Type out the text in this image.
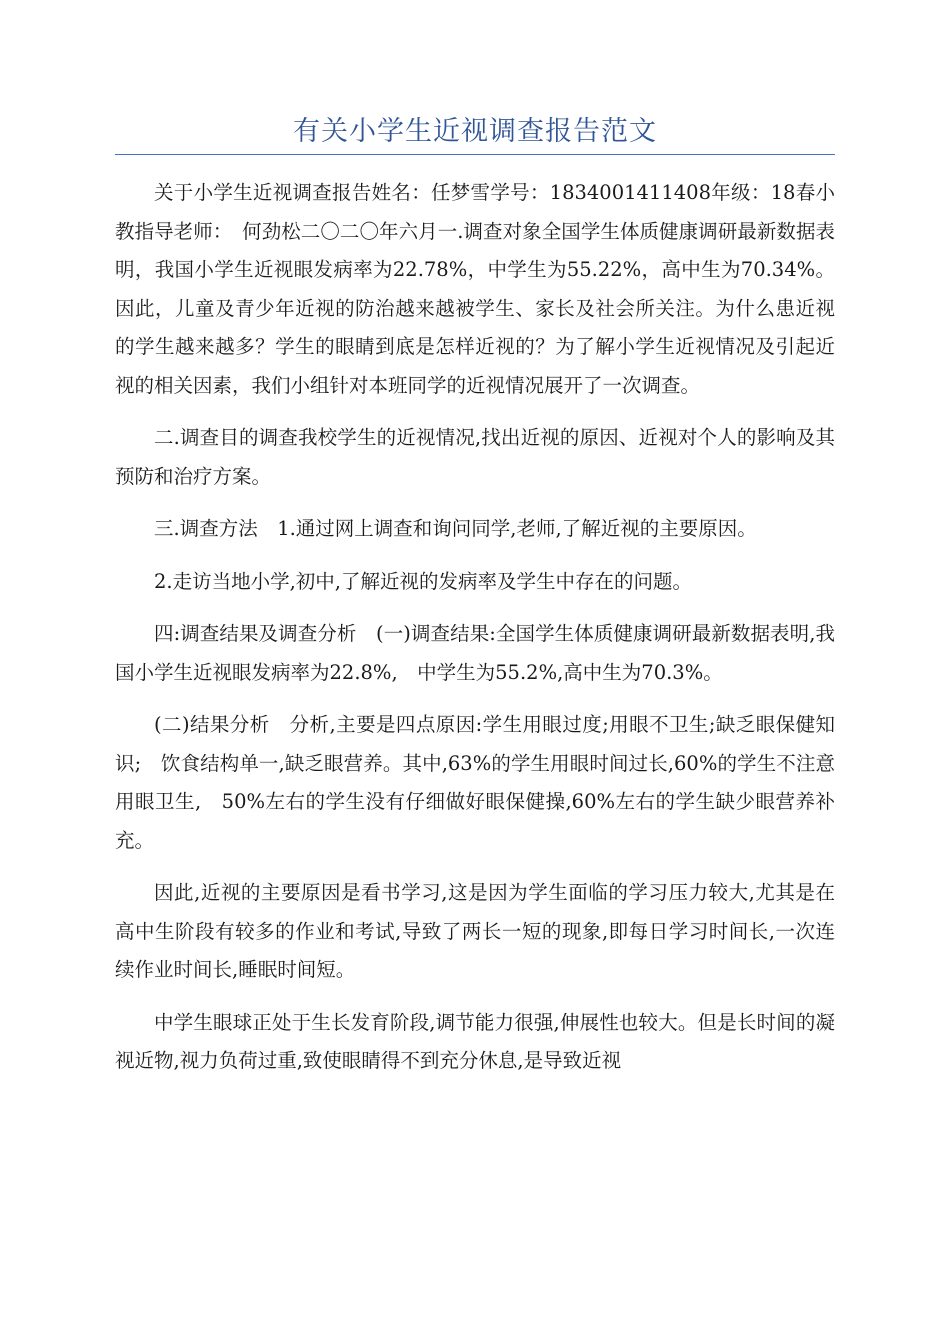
有关小学生近视调查报告范文

关于小学生近视调查报告姓名：任梦雪学号：1834001411408年级：18春小教指导老师：　何劲松二〇二〇年六月一.调查对象全国学生体质健康调研最新数据表明，我国小学生近视眼发病率为22.78%，中学生为55.22%，高中生为70.34%。因此，儿童及青少年近视的防治越来越被学生、家长及社会所关注。为什么患近视的学生越来越多？学生的眼睛到底是怎样近视的？为了解小学生近视情况及引起近视的相关因素，我们小组针对本班同学的近视情况展开了一次调查。

二.调查目的调查我校学生的近视情况,找出近视的原因、近视对个人的影响及其预防和治疗方案。

三.调查方法　1.通过网上调查和询问同学,老师,了解近视的主要原因。

2.走访当地小学,初中,了解近视的发病率及学生中存在的问题。

四:调查结果及调查分析　(一)调查结果:全国学生体质健康调研最新数据表明,我国小学生近视眼发病率为22.8%,　中学生为55.2%,高中生为70.3%。

(二)结果分析　分析,主要是四点原因:学生用眼过度;用眼不卫生;缺乏眼保健知识;　饮食结构单一,缺乏眼营养。其中,63%的学生用眼时间过长,60%的学生不注意用眼卫生,　50%左右的学生没有仔细做好眼保健操,60%左右的学生缺少眼营养补充。

因此,近视的主要原因是看书学习,这是因为学生面临的学习压力较大,尤其是在高中生阶段有较多的作业和考试,导致了两长一短的现象,即每日学习时间长,一次连续作业时间长,睡眠时间短。

中学生眼球正处于生长发育阶段,调节能力很强,伸展性也较大。但是长时间的凝视近物,视力负荷过重,致使眼睛得不到充分休息,是导致近视
